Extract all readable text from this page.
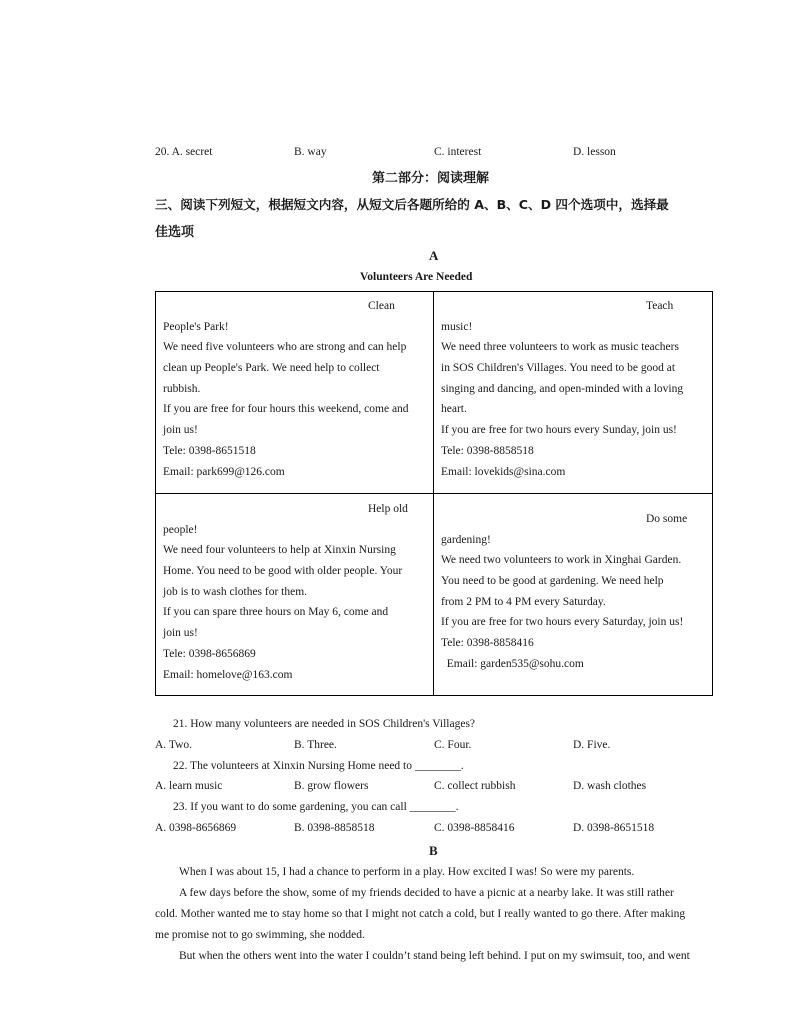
20. A. secret	B. way	C. interest	D. lesson
第二部分：阅读理解
三、阅读下列短文，根据短文内容，从短文后各题所给的 A、B、C、D 四个选项中，选择最
佳选项
A
Volunteers Are Needed
Clean
People's Park!
We need five volunteers who are strong and can help
clean up People's Park. We need help to collect
rubbish.
If you are free for four hours this weekend, come and
join us!
Tele: 0398-8651518
Email: park699@126.com
Teach
music!
We need three volunteers to work as music teachers
in SOS Children's Villages. You need to be good at
singing and dancing, and open-minded with a loving
heart.
If you are free for two hours every Sunday, join us!
Tele: 0398-8858518
Email: lovekids@sina.com
Help old
people!
We need four volunteers to help at Xinxin Nursing
Home. You need to be good with older people. Your
job is to wash clothes for them.
If you can spare three hours on May 6, come and
join us!
Tele: 0398-8656869
Email: homelove@163.com
Do some
gardening!
We need two volunteers to work in Xinghai Garden.
You need to be good at gardening. We need help
from 2 PM to 4 PM every Saturday.
If you are free for two hours every Saturday, join us!
Tele: 0398-8858416
Email: garden535@sohu.com
21. How many volunteers are needed in SOS Children's Villages?
A. Two.	B. Three.	C. Four.	D. Five.
22. The volunteers at Xinxin Nursing Home need to ________.
A. learn music	B. grow flowers	C. collect rubbish	D. wash clothes
23. If you want to do some gardening, you can call ________.
A. 0398-8656869	B. 0398-8858518	C. 0398-8858416	D. 0398-8651518
B
When I was about 15, I had a chance to perform in a play. How excited I was! So were my parents.
A few days before the show, some of my friends decided to have a picnic at a nearby lake. It was still rather
cold. Mother wanted me to stay home so that I might not catch a cold, but I really wanted to go there. After making
me promise not to go swimming, she nodded.
But when the others went into the water I couldn’t stand being left behind. I put on my swimsuit, too, and went
